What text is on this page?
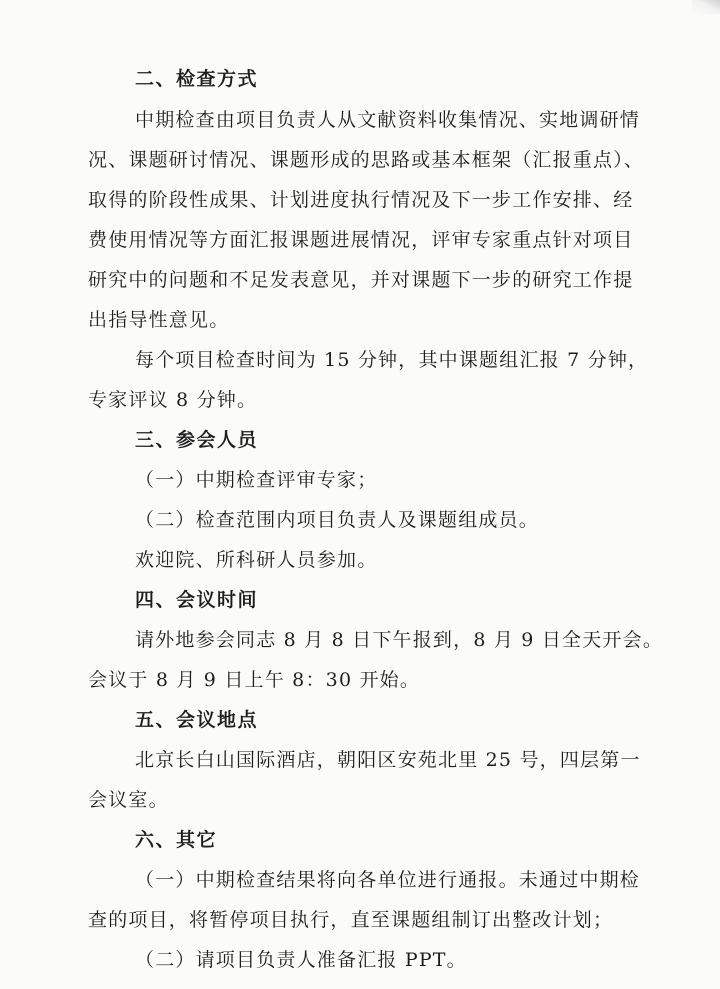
二、检查方式
中期检查由项目负责人从文献资料收集情况、实地调研情
况、课题研讨情况、课题形成的思路或基本框架（汇报重点）、
取得的阶段性成果、计划进度执行情况及下一步工作安排、经
费使用情况等方面汇报课题进展情况，评审专家重点针对项目
研究中的问题和不足发表意见，并对课题下一步的研究工作提
出指导性意见。
每个项目检查时间为 15 分钟，其中课题组汇报 7 分钟，
专家评议 8 分钟。
三、参会人员
（一）中期检查评审专家；
（二）检查范围内项目负责人及课题组成员。
欢迎院、所科研人员参加。
四、会议时间
请外地参会同志 8 月 8 日下午报到，8 月 9 日全天开会。
会议于 8 月 9 日上午 8：30 开始。
五、会议地点
北京长白山国际酒店，朝阳区安苑北里 25 号，四层第一
会议室。
六、其它
（一）中期检查结果将向各单位进行通报。未通过中期检
查的项目，将暂停项目执行，直至课题组制订出整改计划；
（二）请项目负责人准备汇报 PPT。
